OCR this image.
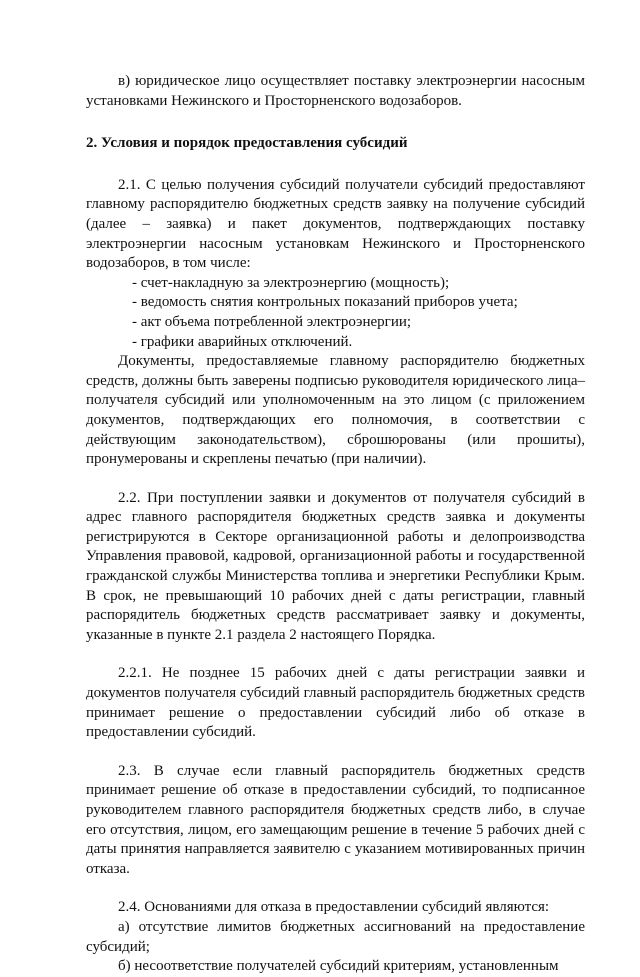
в) юридическое лицо осуществляет поставку электроэнергии насосным установками Нежинского и Просторненского водозаборов.

2. Условия и порядок предоставления субсидий

2.1. С целью получения субсидий получатели субсидий предоставляют главному распорядителю бюджетных средств заявку на получение субсидий (далее – заявка) и пакет документов, подтверждающих поставку электроэнергии насосным установкам Нежинского и Просторненского водозаборов, в том числе:

- счет-накладную за электроэнергию (мощность);

- ведомость снятия контрольных показаний приборов учета;

- акт объема потребленной электроэнергии;

- графики аварийных отключений.

Документы, предоставляемые главному распорядителю бюджетных средств, должны быть заверены подписью руководителя юридического лица–получателя субсидий или уполномоченным на это лицом (с приложением документов, подтверждающих его полномочия, в соответствии с действующим законодательством), сброшюрованы (или прошиты), пронумерованы и скреплены печатью (при наличии).

2.2. При поступлении заявки и документов от получателя субсидий в адрес главного распорядителя бюджетных средств заявка и документы регистрируются в Секторе организационной работы и делопроизводства Управления правовой, кадровой, организационной работы и государственной гражданской службы Министерства топлива и энергетики Республики Крым. В срок, не превышающий 10 рабочих дней с даты регистрации, главный распорядитель бюджетных средств рассматривает заявку и документы, указанные в пункте 2.1 раздела 2 настоящего Порядка.

2.2.1. Не позднее 15 рабочих дней с даты регистрации заявки и документов получателя субсидий главный распорядитель бюджетных средств принимает решение о предоставлении субсидий либо об отказе в предоставлении субсидий.

2.3. В случае если главный распорядитель бюджетных средств принимает решение об отказе в предоставлении субсидий, то подписанное руководителем главного распорядителя бюджетных средств либо, в случае его отсутствия, лицом, его замещающим решение в течение 5 рабочих дней с даты принятия направляется заявителю с указанием мотивированных причин отказа.

2.4. Основаниями для отказа в предоставлении субсидий являются:

а) отсутствие лимитов бюджетных ассигнований на предоставление субсидий;

б) несоответствие получателей субсидий критериям, установленным
